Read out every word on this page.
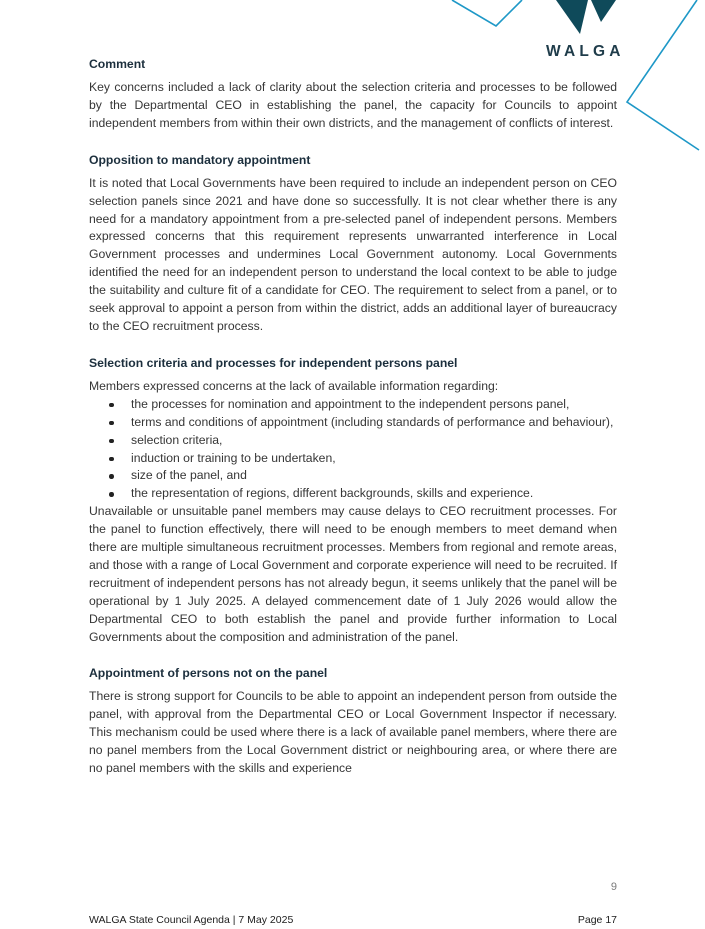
WALGA
Comment

Key concerns included a lack of clarity about the selection criteria and processes to be followed by the Departmental CEO in establishing the panel, the capacity for Councils to appoint independent members from within their own districts, and the management of conflicts of interest.

Opposition to mandatory appointment

It is noted that Local Governments have been required to include an independent person on CEO selection panels since 2021 and have done so successfully. It is not clear whether there is any need for a mandatory appointment from a pre-selected panel of independent persons. Members expressed concerns that this requirement represents unwarranted interference in Local Government processes and undermines Local Government autonomy. Local Governments identified the need for an independent person to understand the local context to be able to judge the suitability and culture fit of a candidate for CEO. The requirement to select from a panel, or to seek approval to appoint a person from within the district, adds an additional layer of bureaucracy to the CEO recruitment process.

Selection criteria and processes for independent persons panel

Members expressed concerns at the lack of available information regarding:

the processes for nomination and appointment to the independent persons panel,
terms and conditions of appointment (including standards of performance and behaviour),
selection criteria,
induction or training to be undertaken,
size of the panel, and
the representation of regions, different backgrounds, skills and experience.

Unavailable or unsuitable panel members may cause delays to CEO recruitment processes. For the panel to function effectively, there will need to be enough members to meet demand when there are multiple simultaneous recruitment processes. Members from regional and remote areas, and those with a range of Local Government and corporate experience will need to be recruited. If recruitment of independent persons has not already begun, it seems unlikely that the panel will be operational by 1 July 2025. A delayed commencement date of 1 July 2026 would allow the Departmental CEO to both establish the panel and provide further information to Local Governments about the composition and administration of the panel.

Appointment of persons not on the panel

There is strong support for Councils to be able to appoint an independent person from outside the panel, with approval from the Departmental CEO or Local Government Inspector if necessary. This mechanism could be used where there is a lack of available panel members, where there are no panel members from the Local Government district or neighbouring area, or where there are no panel members with the skills and experience

9
WALGA State Council Agenda | 7 May 2025	Page 17
